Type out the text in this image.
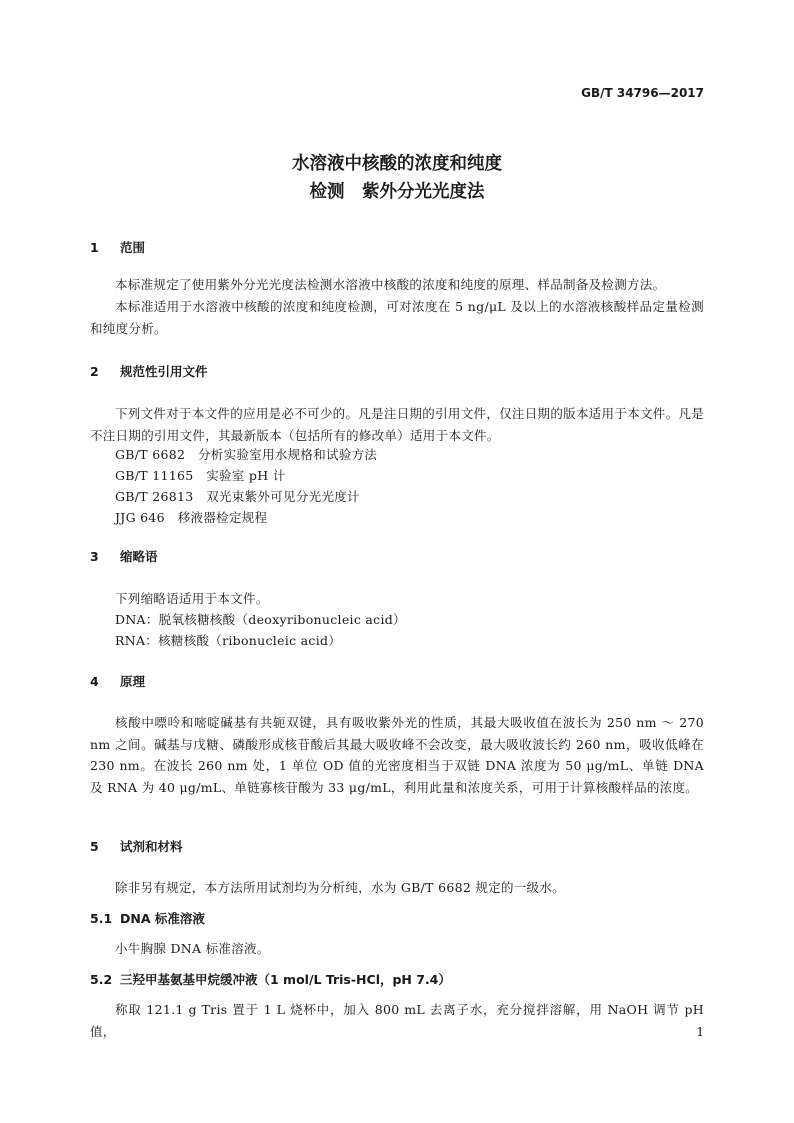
GB/T 34796—2017
水溶液中核酸的浓度和纯度
检测　紫外分光光度法
1 范围
本标准规定了使用紫外分光光度法检测水溶液中核酸的浓度和纯度的原理、样品制备及检测方法。
本标准适用于水溶液中核酸的浓度和纯度检测，可对浓度在 5 ng/μL 及以上的水溶液核酸样品定量检测和纯度分析。
2 规范性引用文件
下列文件对于本文件的应用是必不可少的。凡是注日期的引用文件，仅注日期的版本适用于本文件。凡是不注日期的引用文件，其最新版本（包括所有的修改单）适用于本文件。
GB/T 6682　分析实验室用水规格和试验方法
GB/T 11165　实验室 pH 计
GB/T 26813　双光束紫外可见分光光度计
JJG 646　移液器检定规程
3 缩略语
下列缩略语适用于本文件。
DNA：脱氧核糖核酸（deoxyribonucleic acid）
RNA：核糖核酸（ribonucleic acid）
4 原理
核酸中嘌呤和嘧啶碱基有共轭双键，具有吸收紫外光的性质，其最大吸收值在波长为 250 nm ～ 270 nm 之间。碱基与戊糖、磷酸形成核苷酸后其最大吸收峰不会改变，最大吸收波长约 260 nm，吸收低峰在 230 nm。在波长 260 nm 处，1 单位 OD 值的光密度相当于双链 DNA 浓度为 50 μg/mL、单链 DNA 及 RNA 为 40 μg/mL、单链寡核苷酸为 33 μg/mL，利用此量和浓度关系，可用于计算核酸样品的浓度。
5 试剂和材料
除非另有规定，本方法所用试剂均为分析纯，水为 GB/T 6682 规定的一级水。
5.1 DNA 标准溶液
小牛胸腺 DNA 标准溶液。
5.2 三羟甲基氨基甲烷缓冲液（1 mol/L Tris-HCl，pH 7.4）
称取 121.1 g Tris 置于 1 L 烧杯中，加入 800 mL 去离子水，充分搅拌溶解，用 NaOH 调节 pH 值，	1
